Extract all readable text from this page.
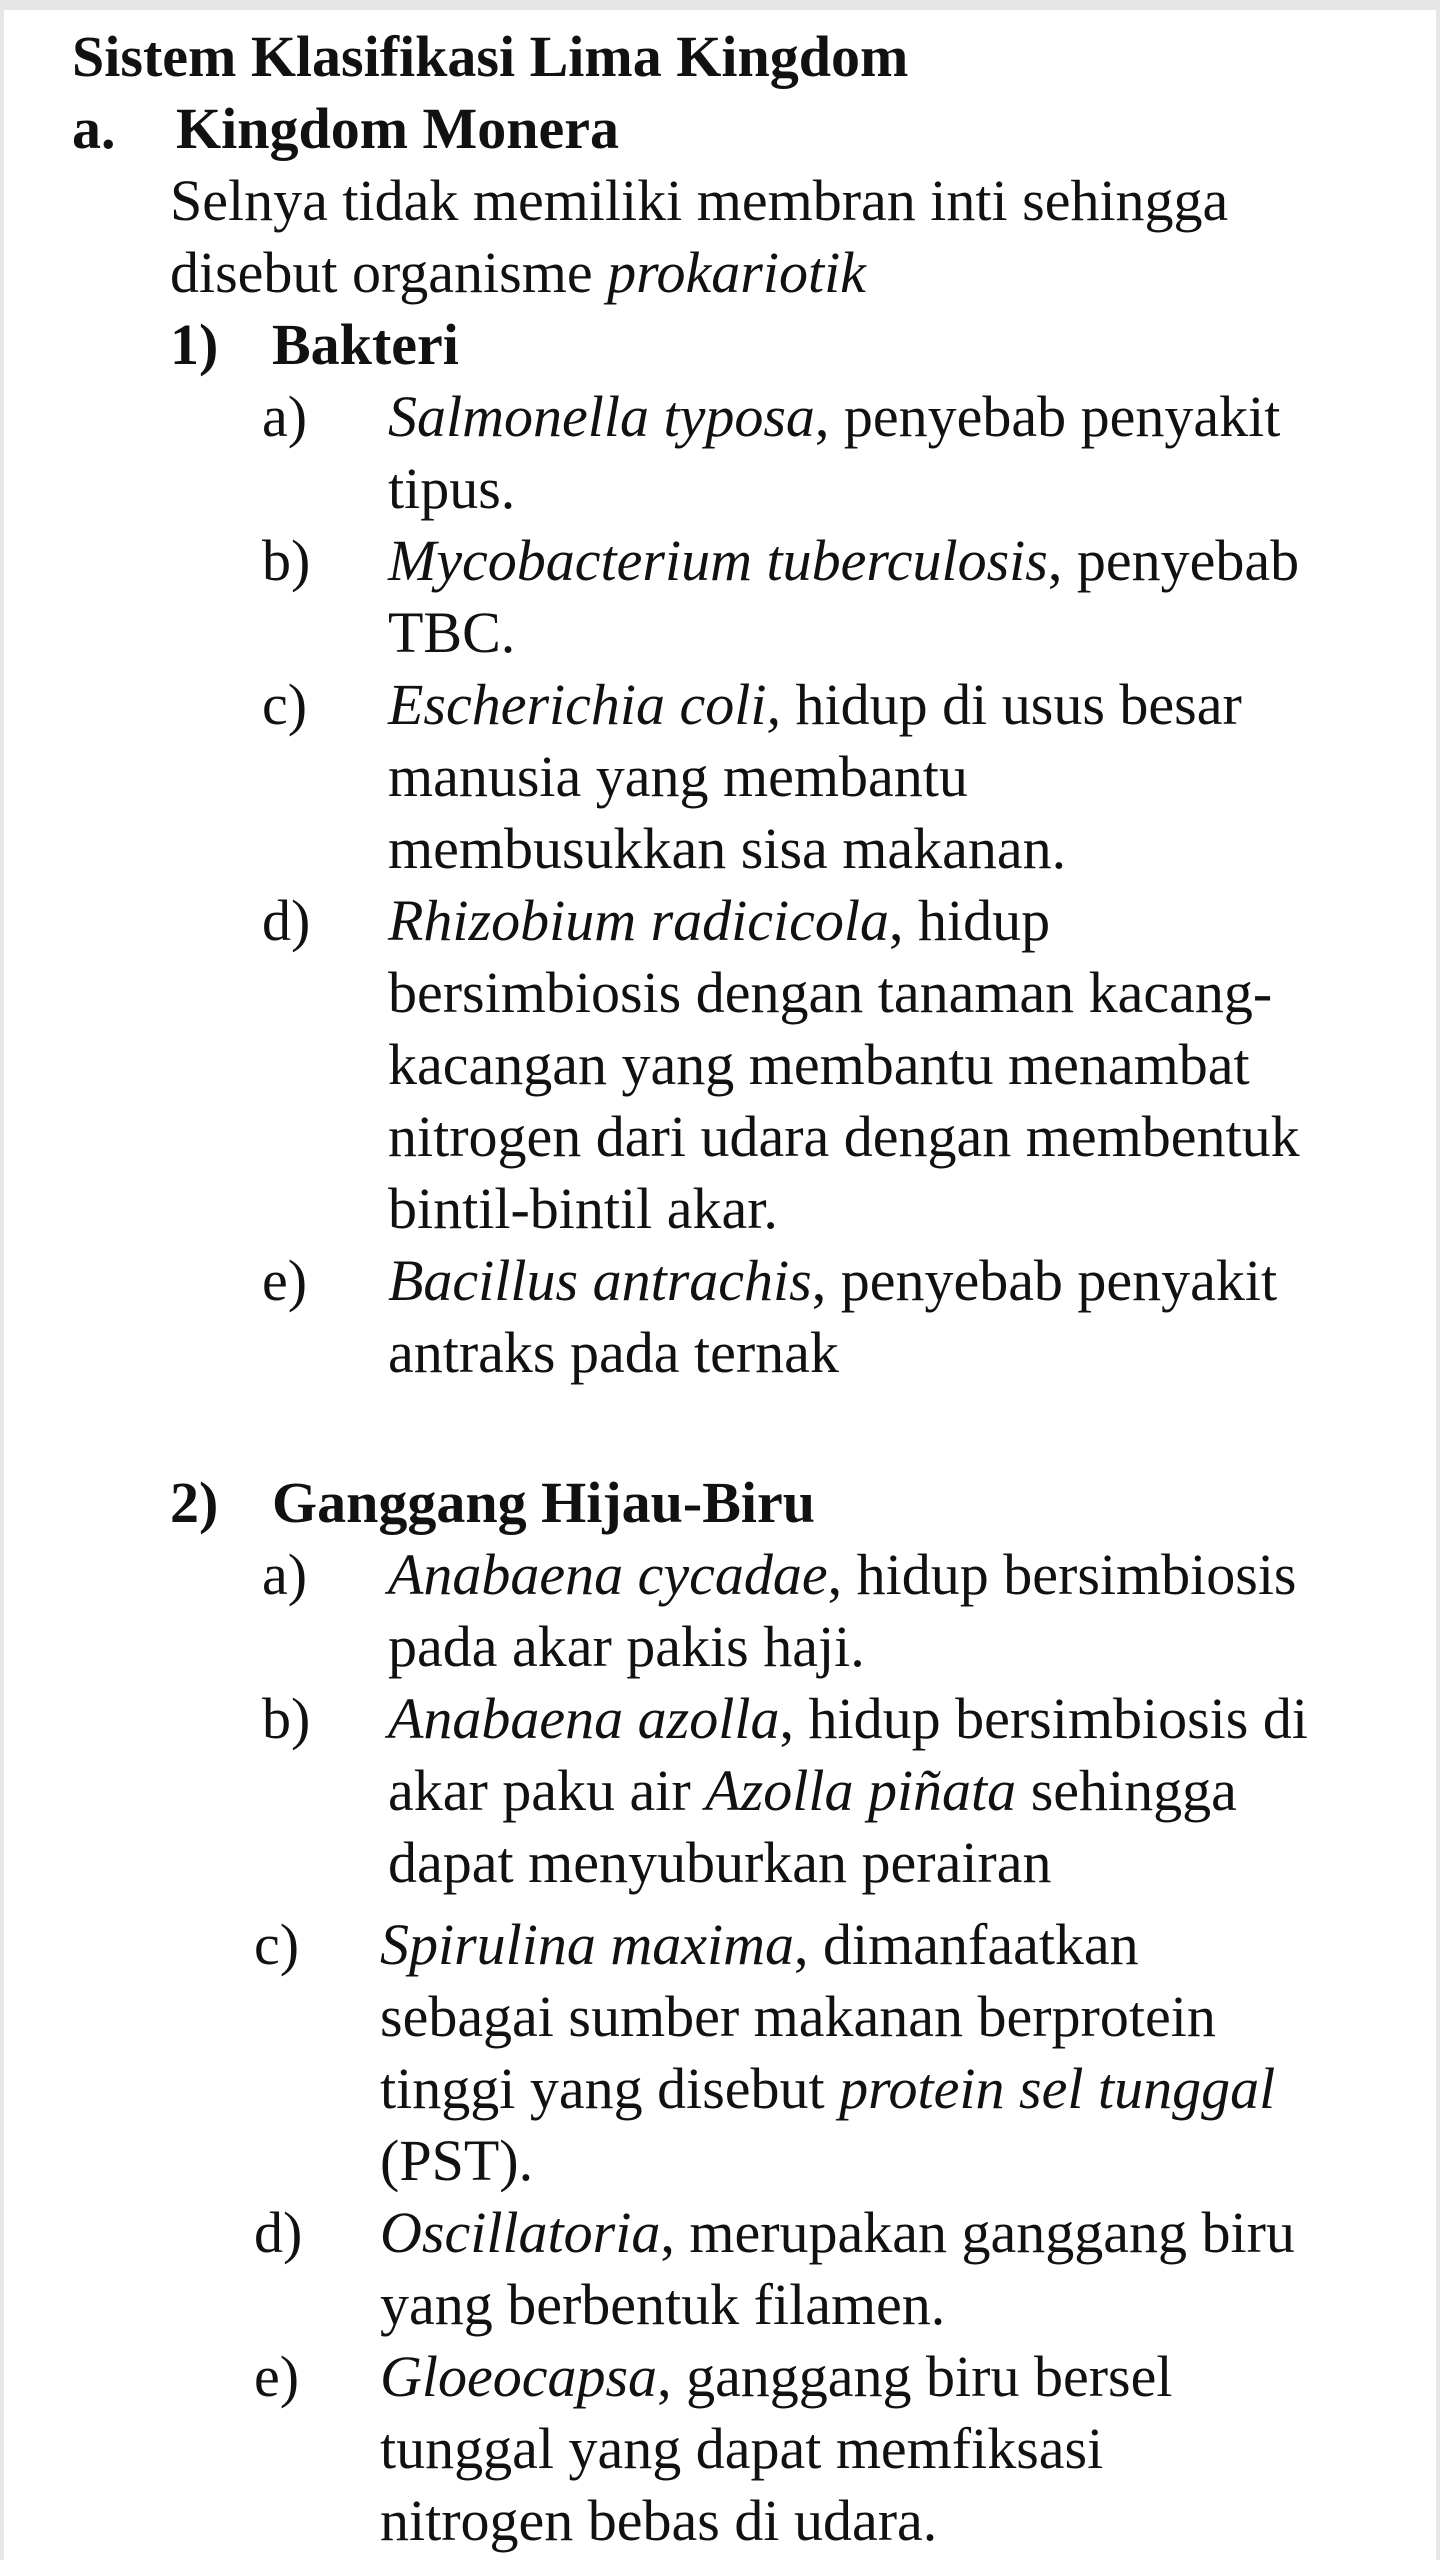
Sistem Klasifikasi Lima Kingdom
a. Kingdom Monera
Selnya tidak memiliki membran inti sehingga
disebut organisme prokariotik
1) Bakteri
a) Salmonella typosa, penyebab penyakit
tipus.
b) Mycobacterium tuberculosis, penyebab
TBC.
c) Escherichia coli, hidup di usus besar
manusia yang membantu
membusukkan sisa makanan.
d) Rhizobium radicicola, hidup
bersimbiosis dengan tanaman kacang-
kacangan yang membantu menambat
nitrogen dari udara dengan membentuk
bintil-bintil akar.
e) Bacillus antrachis, penyebab penyakit
antraks pada ternak
2) Ganggang Hijau-Biru
a) Anabaena cycadae, hidup bersimbiosis
pada akar pakis haji.
b) Anabaena azolla, hidup bersimbiosis di
akar paku air Azolla piñata sehingga
dapat menyuburkan perairan
c) Spirulina maxima, dimanfaatkan
sebagai sumber makanan berprotein
tinggi yang disebut protein sel tunggal
(PST).
d) Oscillatoria, merupakan ganggang biru
yang berbentuk filamen.
e) Gloeocapsa, ganggang biru bersel
tunggal yang dapat memfiksasi
nitrogen bebas di udara.
